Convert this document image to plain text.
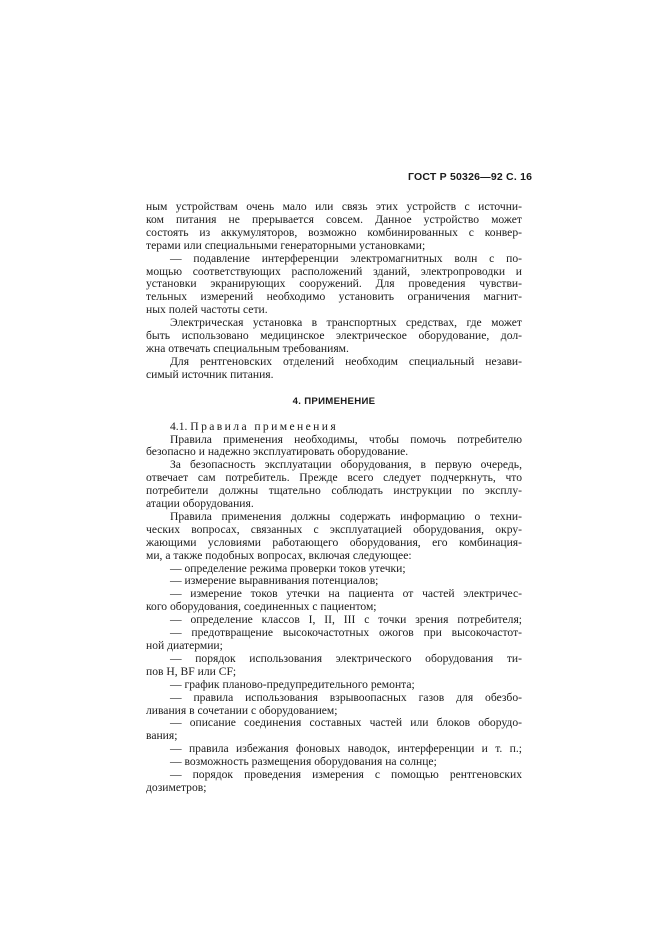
ГОСТ Р 50326—92 С. 16
ным устройствам очень мало или связь этих устройств с источни-
ком питания не прерывается совсем. Данное устройство может
состоять из аккумуляторов, возможно комбинированных с конвер-
терами или специальными генераторными установками;
— подавление интерференции электромагнитных волн с по-
мощью соответствующих расположений зданий, электропроводки и
установки экранирующих сооружений. Для проведения чувстви-
тельных измерений необходимо установить ограничения магнит-
ных полей частоты сети.
Электрическая установка в транспортных средствах, где может
быть использовано медицинское электрическое оборудование, дол-
жна отвечать специальным требованиям.
Для рентгеновских отделений необходим специальный незави-
симый источник питания.
4. ПРИМЕНЕНИЕ
4.1. Правила применения
Правила применения необходимы, чтобы помочь потребителю
безопасно и надежно эксплуатировать оборудование.
За безопасность эксплуатации оборудования, в первую очередь,
отвечает сам потребитель. Прежде всего следует подчеркнуть, что
потребители должны тщательно соблюдать инструкции по эксплу-
атации оборудования.
Правила применения должны содержать информацию о техни-
ческих вопросах, связанных с эксплуатацией оборудования, окру-
жающими условиями работающего оборудования, его комбинация-
ми, а также подобных вопросах, включая следующее:
— определение режима проверки токов утечки;
— измерение выравнивания потенциалов;
— измерение токов утечки на пациента от частей электричес-
кого оборудования, соединенных с пациентом;
— определение классов I, II, III с точки зрения потребителя;
— предотвращение высокочастотных ожогов при высокочастот-
ной диатермии;
— порядок использования электрического оборудования ти-
пов Н, BF или CF;
— график планово-предупредительного ремонта;
— правила использования взрывоопасных газов для обезбо-
ливания в сочетании с оборудованием;
— описание соединения составных частей или блоков оборудо-
вания;
— правила избежания фоновых наводок, интерференции и т. п.;
— возможность размещения оборудования на солнце;
— порядок проведения измерения с помощью рентгеновских
дозиметров;
